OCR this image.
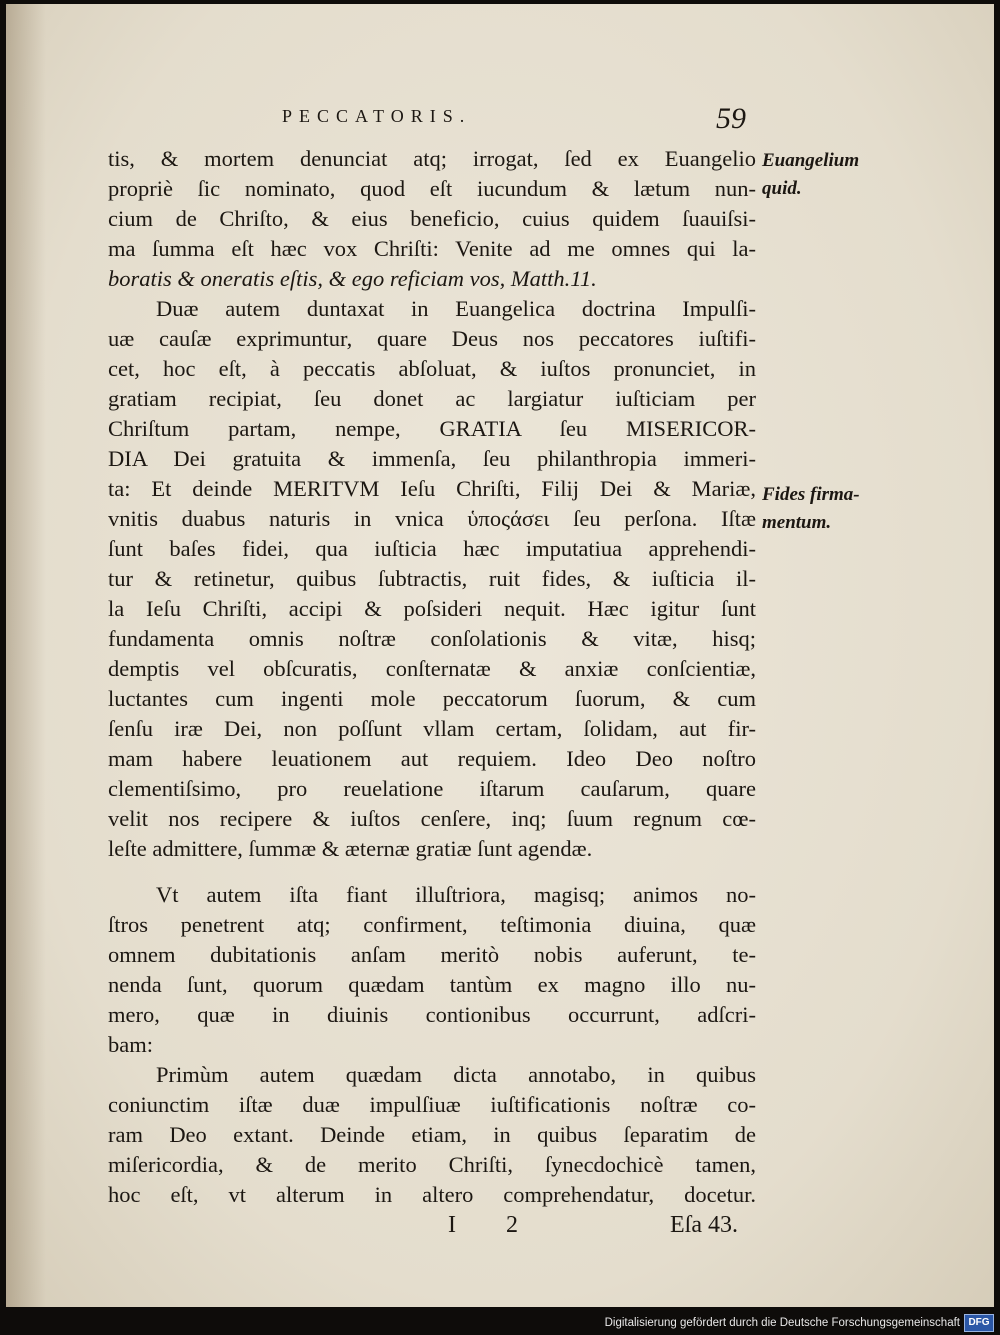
PECCATORIS.	59
tis, & mortem denunciat atq; irrogat, ſed ex Euangelio
propriè ſic nominato, quod eſt iucundum & lætum nun-
cium de Chriſto, & eius beneficio, cuius quidem ſuauiſsi-
ma ſumma eſt hæc vox Chriſti: Venite ad me omnes qui la-
boratis & oneratis eſtis, & ego reficiam vos, Matth.11.
Duæ autem duntaxat in Euangelica doctrina Impulſi-
uæ cauſæ exprimuntur, quare Deus nos peccatores iuſtifi-
cet, hoc eſt, à peccatis abſoluat, & iuſtos pronunciet, in
gratiam recipiat, ſeu donet ac largiatur iuſticiam per
Chriſtum partam, nempe, GRATIA ſeu MISERICOR-
DIA Dei gratuita & immenſa, ſeu philanthropia immeri-
ta: Et deinde MERITVM Ieſu Chriſti, Filij Dei & Mariæ,
vnitis duabus naturis in vnica ὑποςάσει ſeu perſona. Iſtæ
ſunt baſes fidei, qua iuſticia hæc imputatiua apprehendi-
tur & retinetur, quibus ſubtractis, ruit fides, & iuſticia il-
la Ieſu Chriſti, accipi & poſsideri nequit. Hæc igitur ſunt
fundamenta omnis noſtræ conſolationis & vitæ, hisq;
demptis vel obſcuratis, conſternatæ & anxiæ conſcientiæ,
luctantes cum ingenti mole peccatorum ſuorum, & cum
ſenſu iræ Dei, non poſſunt vllam certam, ſolidam, aut fir-
mam habere leuationem aut requiem. Ideo Deo noſtro
clementiſsimo, pro reuelatione iſtarum cauſarum, quare
velit nos recipere & iuſtos cenſere, inq; ſuum regnum cœ-
leſte admittere, ſummæ & æternæ gratiæ ſunt agendæ.
Vt autem iſta fiant illuſtriora, magisq; animos no-
ſtros penetrent atq; confirment, teſtimonia diuina, quæ
omnem dubitationis anſam meritò nobis auferunt, te-
nenda ſunt, quorum quædam tantùm ex magno illo nu-
mero, quæ in diuinis contionibus occurrunt, adſcri-
bam:
Primùm autem quædam dicta annotabo, in quibus
coniunctim iſtæ duæ impulſiuæ iuſtificationis noſtræ co-
ram Deo extant. Deinde etiam, in quibus ſeparatim de
miſericordia, & de merito Chriſti, ſynecdochicè tamen,
hoc eſt, vt alterum in altero comprehendatur, docetur.
Euangelium
quid.
Fides firma-
mentum.
I 2	Eſa 43.
Digitalisierung gefördert durch die Deutsche Forschungsgemeinschaft DFG
